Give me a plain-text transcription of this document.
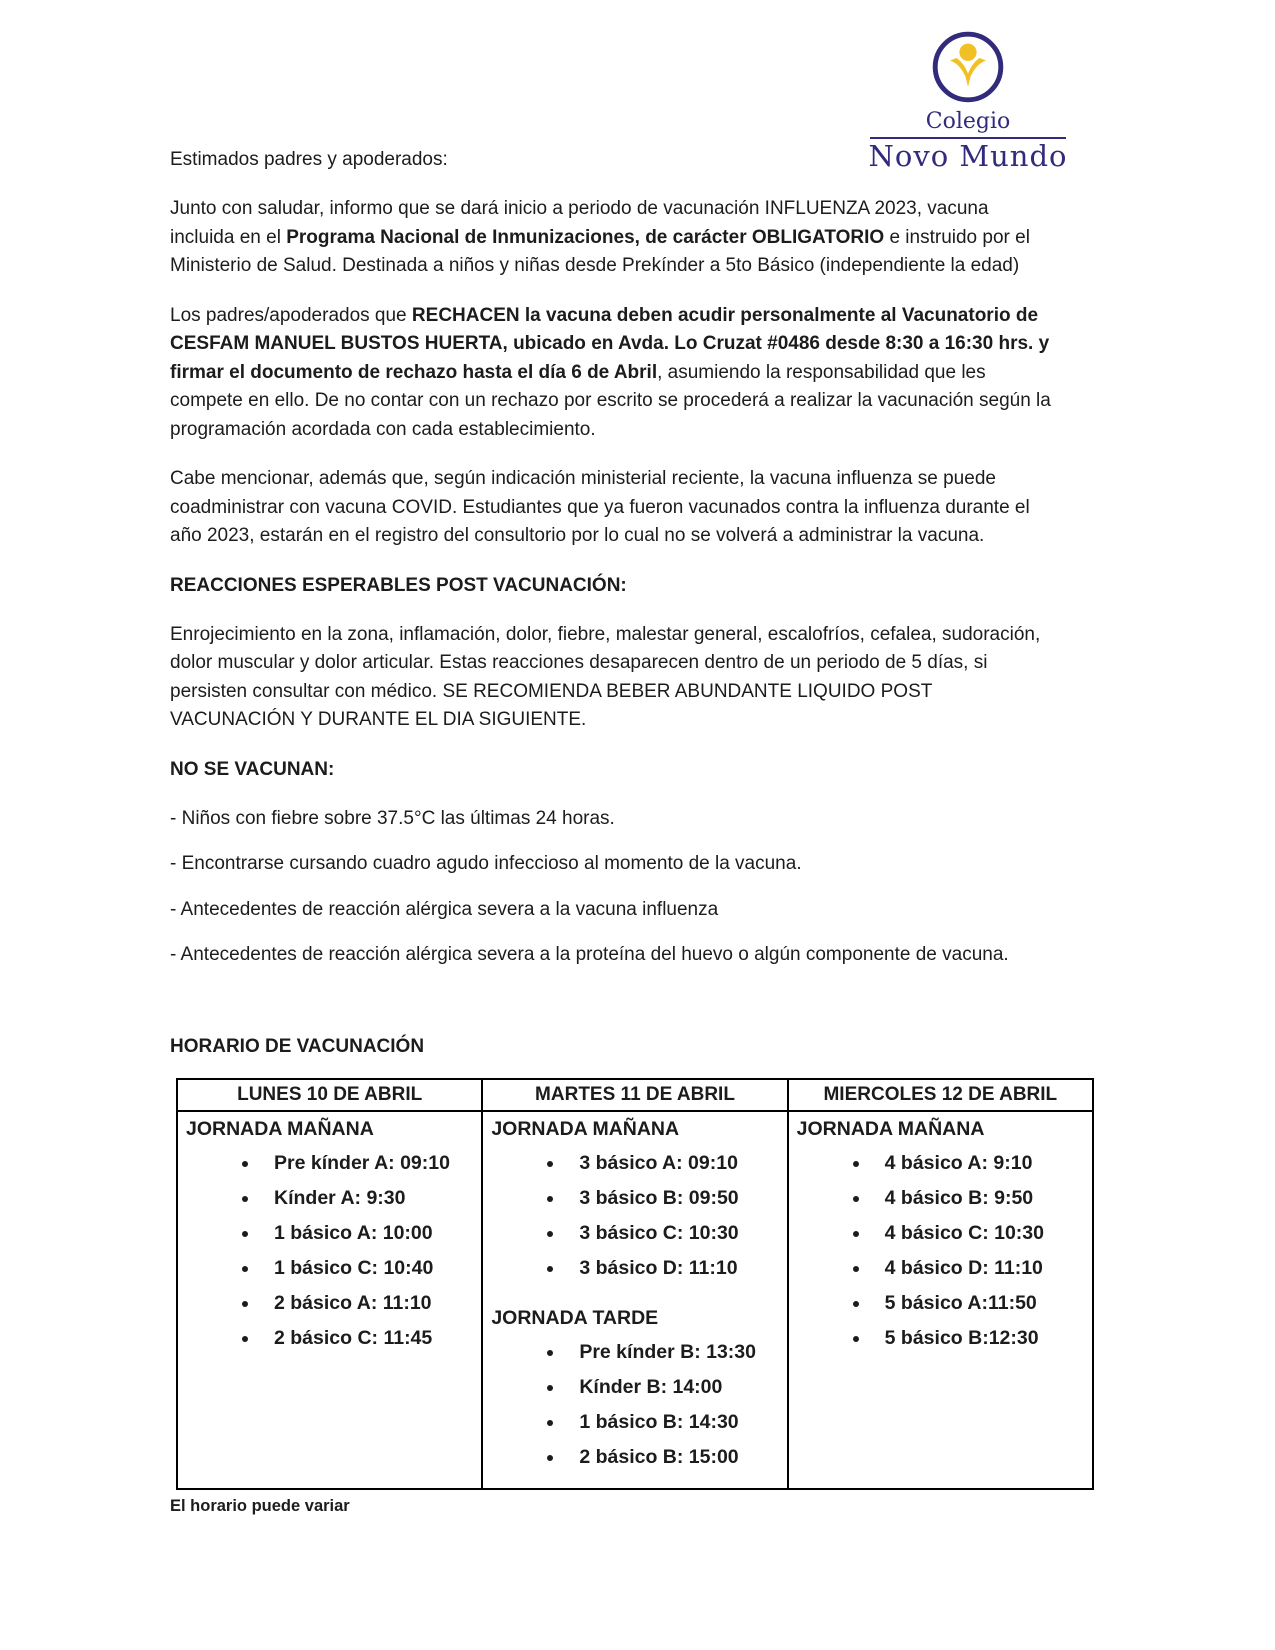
Colegio
Novo Mundo

Estimados padres y apoderados:

Junto con saludar, informo que se dará inicio a periodo de vacunación INFLUENZA 2023, vacuna incluida en el Programa Nacional de Inmunizaciones, de carácter OBLIGATORIO e instruido por el Ministerio de Salud. Destinada a niños y niñas desde Prekínder a 5to Básico (independiente la edad)

Los padres/apoderados que RECHACEN la vacuna deben acudir personalmente al Vacunatorio de CESFAM MANUEL BUSTOS HUERTA, ubicado en Avda. Lo Cruzat #0486 desde 8:30 a 16:30 hrs. y firmar el documento de rechazo hasta el día 6 de Abril, asumiendo la responsabilidad que les compete en ello. De no contar con un rechazo por escrito se procederá a realizar la vacunación según la programación acordada con cada establecimiento.

Cabe mencionar, además que, según indicación ministerial reciente, la vacuna influenza se puede coadministrar con vacuna COVID. Estudiantes que ya fueron vacunados contra la influenza durante el año 2023, estarán en el registro del consultorio por lo cual no se volverá a administrar la vacuna.

REACCIONES ESPERABLES POST VACUNACIÓN:

Enrojecimiento en la zona, inflamación, dolor, fiebre, malestar general, escalofríos, cefalea, sudoración, dolor muscular y dolor articular. Estas reacciones desaparecen dentro de un periodo de 5 días, si persisten consultar con médico. SE RECOMIENDA BEBER ABUNDANTE LIQUIDO POST VACUNACIÓN Y DURANTE EL DIA SIGUIENTE.

NO SE VACUNAN:

- Niños con fiebre sobre 37.5°C las últimas 24 horas.

- Encontrarse cursando cuadro agudo infeccioso al momento de la vacuna.

- Antecedentes de reacción alérgica severa a la vacuna influenza

- Antecedentes de reacción alérgica severa a la proteína del huevo o algún componente de vacuna.

HORARIO DE VACUNACIÓN

LUNES 10 DE ABRIL	MARTES 11 DE ABRIL	MIERCOLES 12 DE ABRIL

JORNADA MAÑANA
• Pre kínder A: 09:10
• Kínder A: 9:30
• 1 básico A: 10:00
• 1 básico C: 10:40
• 2 básico A: 11:10
• 2 básico C: 11:45

JORNADA MAÑANA
• 3 básico A: 09:10
• 3 básico B: 09:50
• 3 básico C: 10:30
• 3 básico D: 11:10
JORNADA TARDE
• Pre kínder B: 13:30
• Kínder B: 14:00
• 1 básico B: 14:30
• 2 básico B: 15:00

JORNADA MAÑANA
• 4 básico A: 9:10
• 4 básico B: 9:50
• 4 básico C: 10:30
• 4 básico D: 11:10
• 5 básico A:11:50
• 5 básico B:12:30

El horario puede variar
